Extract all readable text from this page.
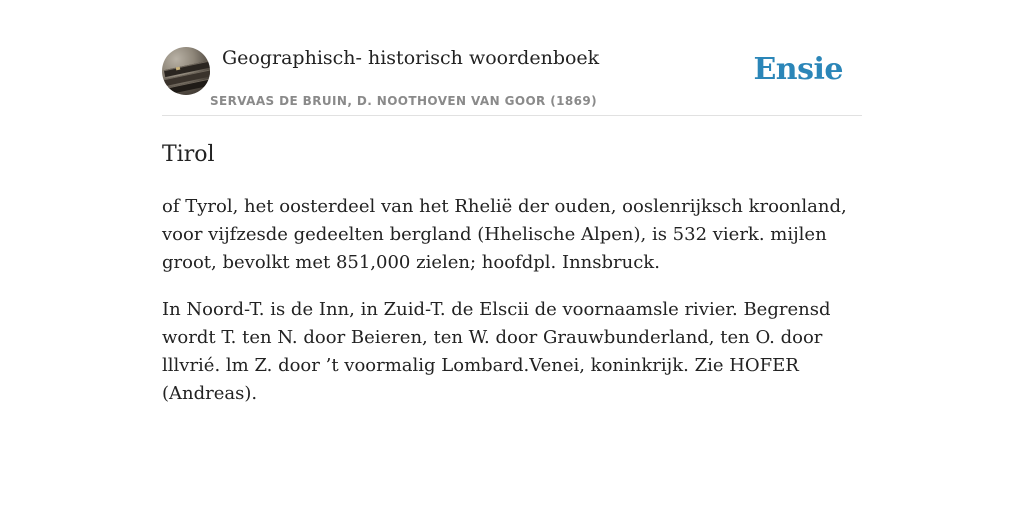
Geographisch- historisch woordenboek
SERVAAS DE BRUIN, D. NOOTHOVEN VAN GOOR (1869)
Ensie
Tirol

of Tyrol, het oosterdeel van het Rhelië der ouden, ooslenrijksch kroonland, voor vijfzesde gedeelten bergland (Hhelische Alpen), is 532 vierk. mijlen groot, bevolkt met 851,000 zielen; hoofdpl. Innsbruck.

In Noord-T. is de Inn, in Zuid-T. de Elscii de voornaamsle rivier. Begrensd wordt T. ten N. door Beieren, ten W. door Grauwbunderland, ten O. door lllvrié. lm Z. door ’t voormalig Lombard.Venei, koninkrijk. Zie HOFER (Andreas).
